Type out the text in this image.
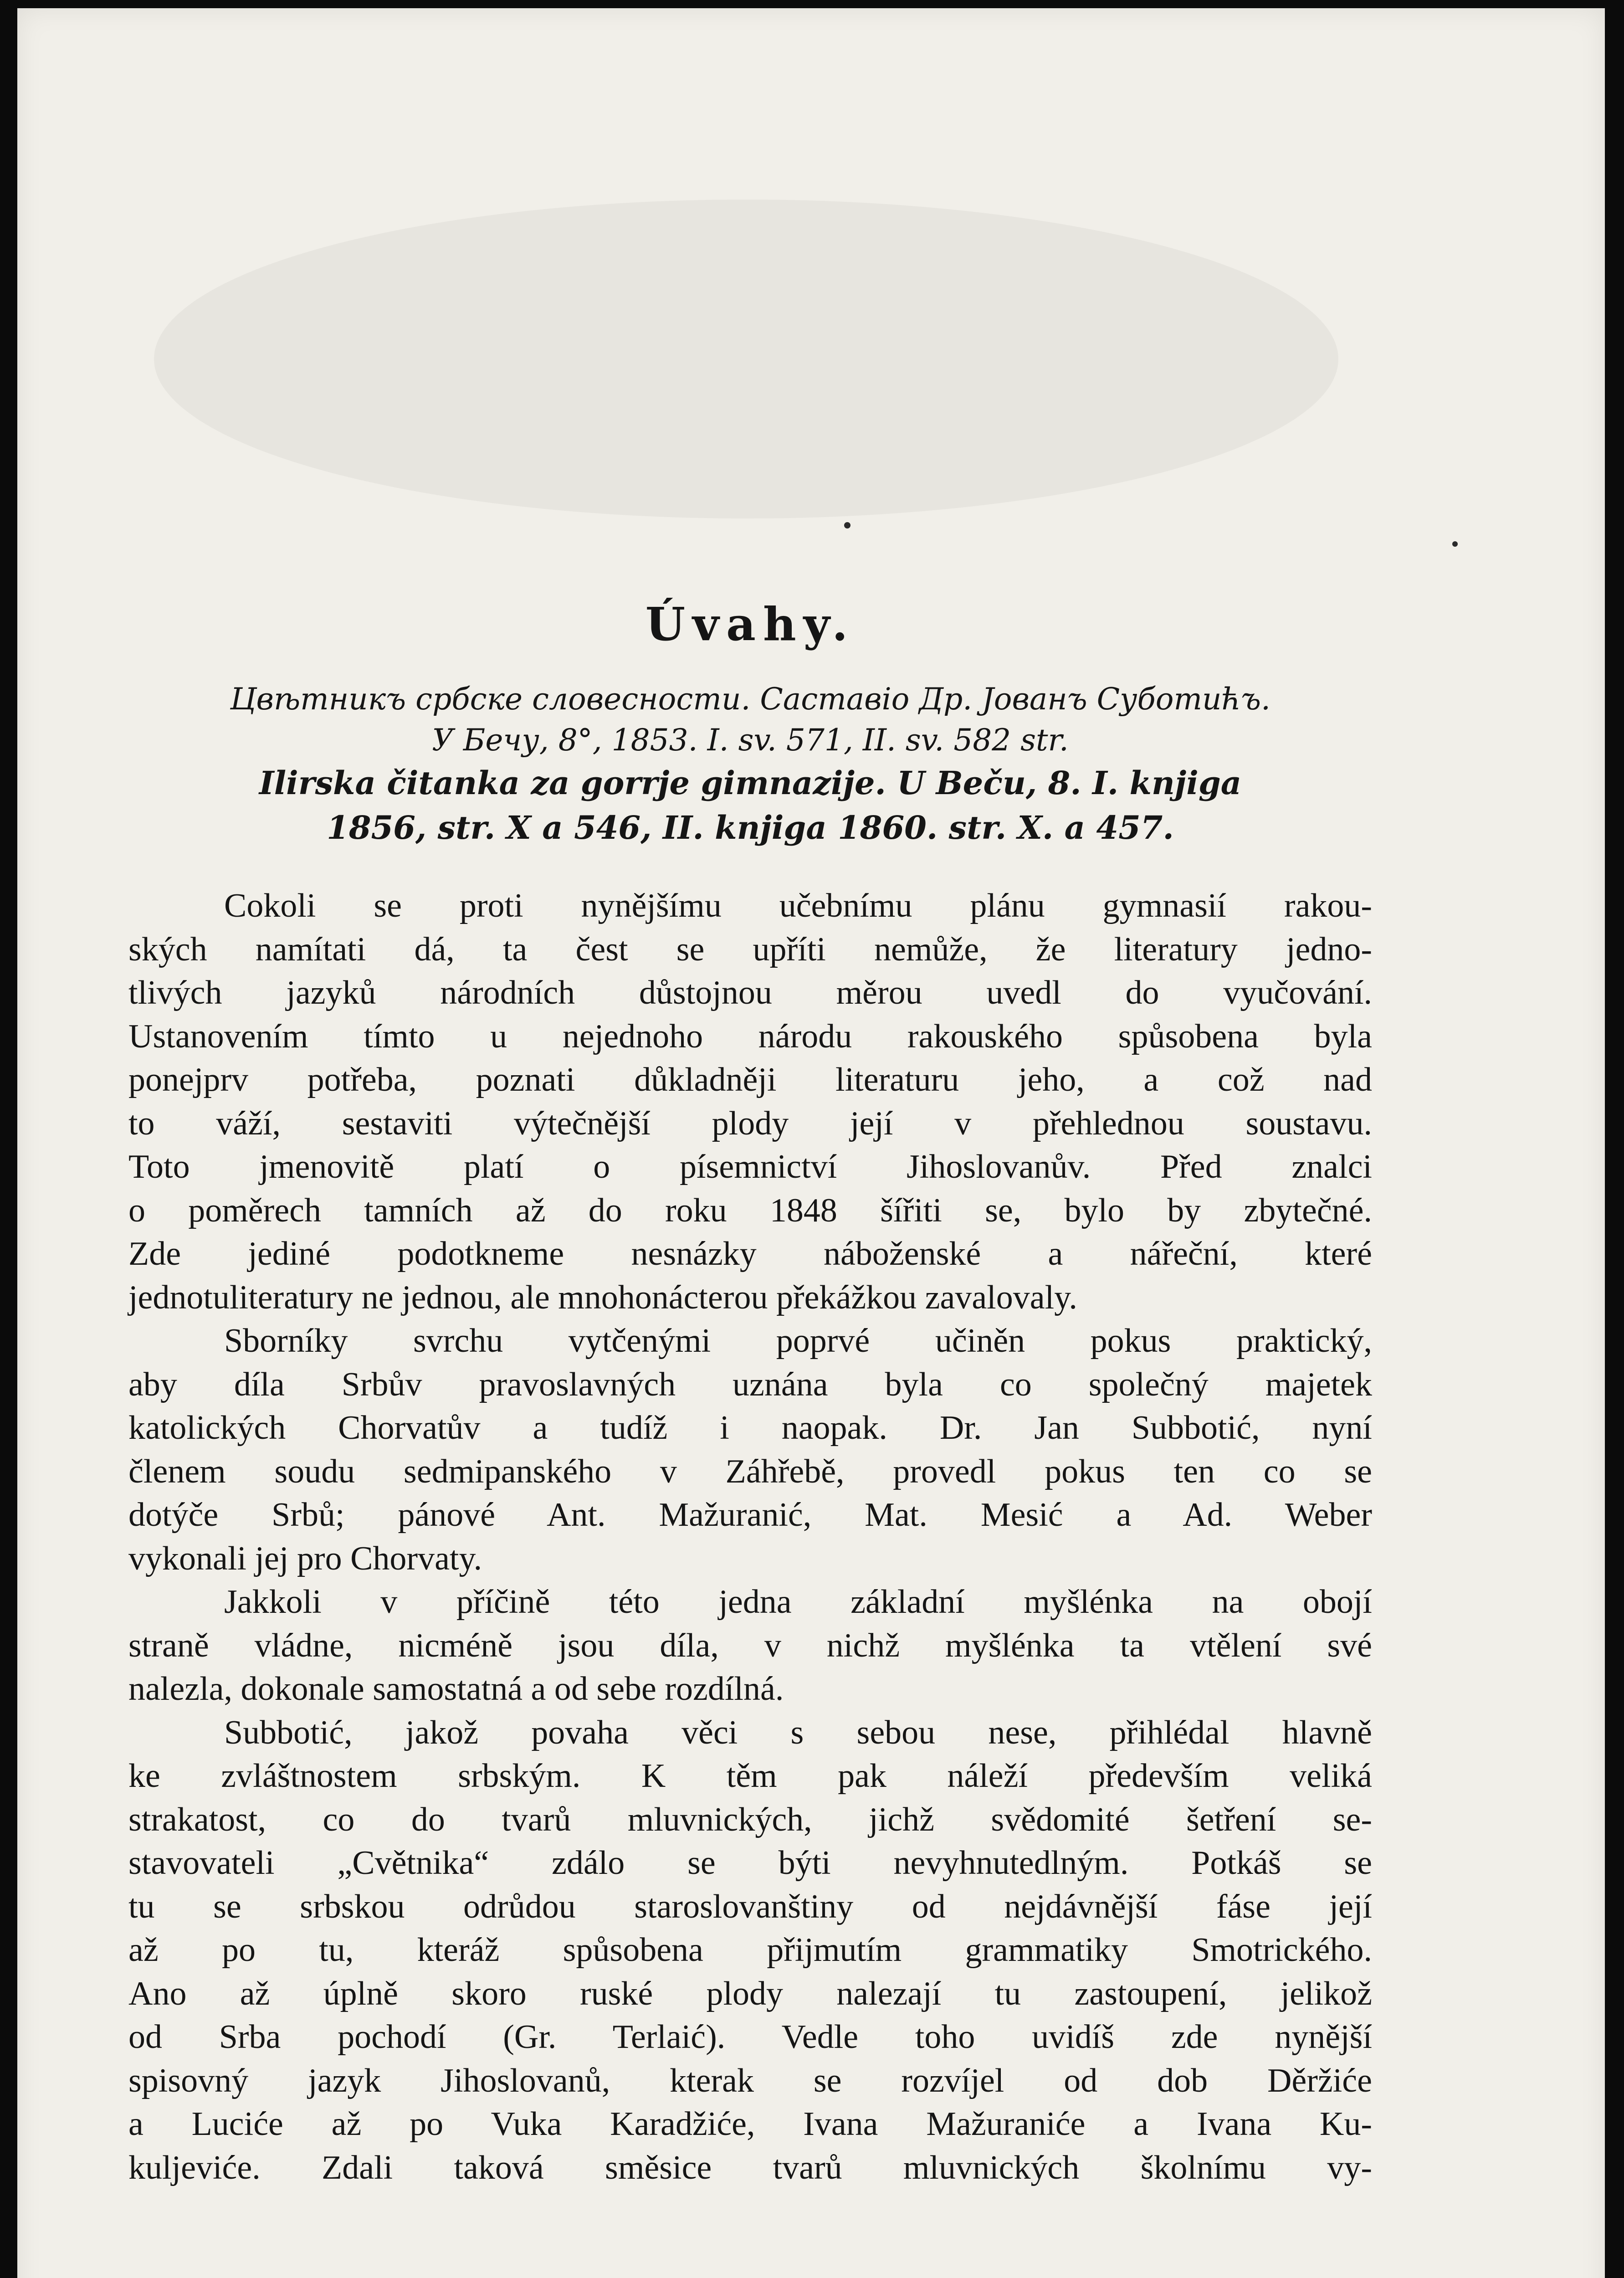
Úvahy.

Цвѣтникъ србске словесности. Саставіо Др. Јованъ Суботићъ.

У Бечу, 8°, 1853. I. sv. 571, II. sv. 582 str.

Ilirska čitanka za gorrje gimnazije. U Beču, 8. I. knjiga

1856, str. X a 546, II. knjiga 1860. str. X. a 457.

Cokoli se proti nynějšímu učebnímu plánu gymnasií rakou-
ských namítati dá, ta čest se upříti nemůže, že literatury jedno-
tlivých jazyků národních důstojnou měrou uvedl do vyučování.
Ustanovením tímto u nejednoho národu rakouského spůsobena byla
ponejprv potřeba, poznati důkladněji literaturu jeho, a což nad
to váží, sestaviti výtečnější plody její v přehlednou soustavu.
Toto jmenovitě platí o písemnictví Jihoslovanův. Před znalci
o poměrech tamních až do roku 1848 šířiti se, bylo by zbytečné.
Zde jediné podotkneme nesnázky náboženské a nářeční, které
jednotuliteratury ne jednou, ale mnohonácterou překážkou zavalovaly.
Sborníky svrchu vytčenými poprvé učiněn pokus praktický,
aby díla Srbův pravoslavných uznána byla co společný majetek
katolických Chorvatův a tudíž i naopak. Dr. Jan Subbotić, nyní
členem soudu sedmipanského v Záhřebě, provedl pokus ten co se
dotýče Srbů; pánové Ant. Mažuranić, Mat. Mesić a Ad. Weber
vykonali jej pro Chorvaty.
Jakkoli v příčině této jedna základní myšlénka na obojí
straně vládne, nicméně jsou díla, v nichž myšlénka ta vtělení své
nalezla, dokonale samostatná a od sebe rozdílná.
Subbotić, jakož povaha věci s sebou nese, přihlédal hlavně
ke zvláštnostem srbským. K těm pak náleží především veliká
strakatost, co do tvarů mluvnických, jichž svědomité šetření se-
stavovateli „Cvětnika“ zdálo se býti nevyhnutedlným. Potkáš se
tu se srbskou odrůdou staroslovanštiny od nejdávnější fáse její
až po tu, kteráž spůsobena přijmutím grammatiky Smotrického.
Ano až úplně skoro ruské plody nalezají tu zastoupení, jelikož
od Srba pochodí (Gr. Terlaić). Vedle toho uvidíš zde nynější
spisovný jazyk Jihoslovanů, kterak se rozvíjel od dob Děržiće
a Luciće až po Vuka Karadžiće, Ivana Mažuraniće a Ivana Ku-
kuljeviće. Zdali taková směsice tvarů mluvnických školnímu vy-
